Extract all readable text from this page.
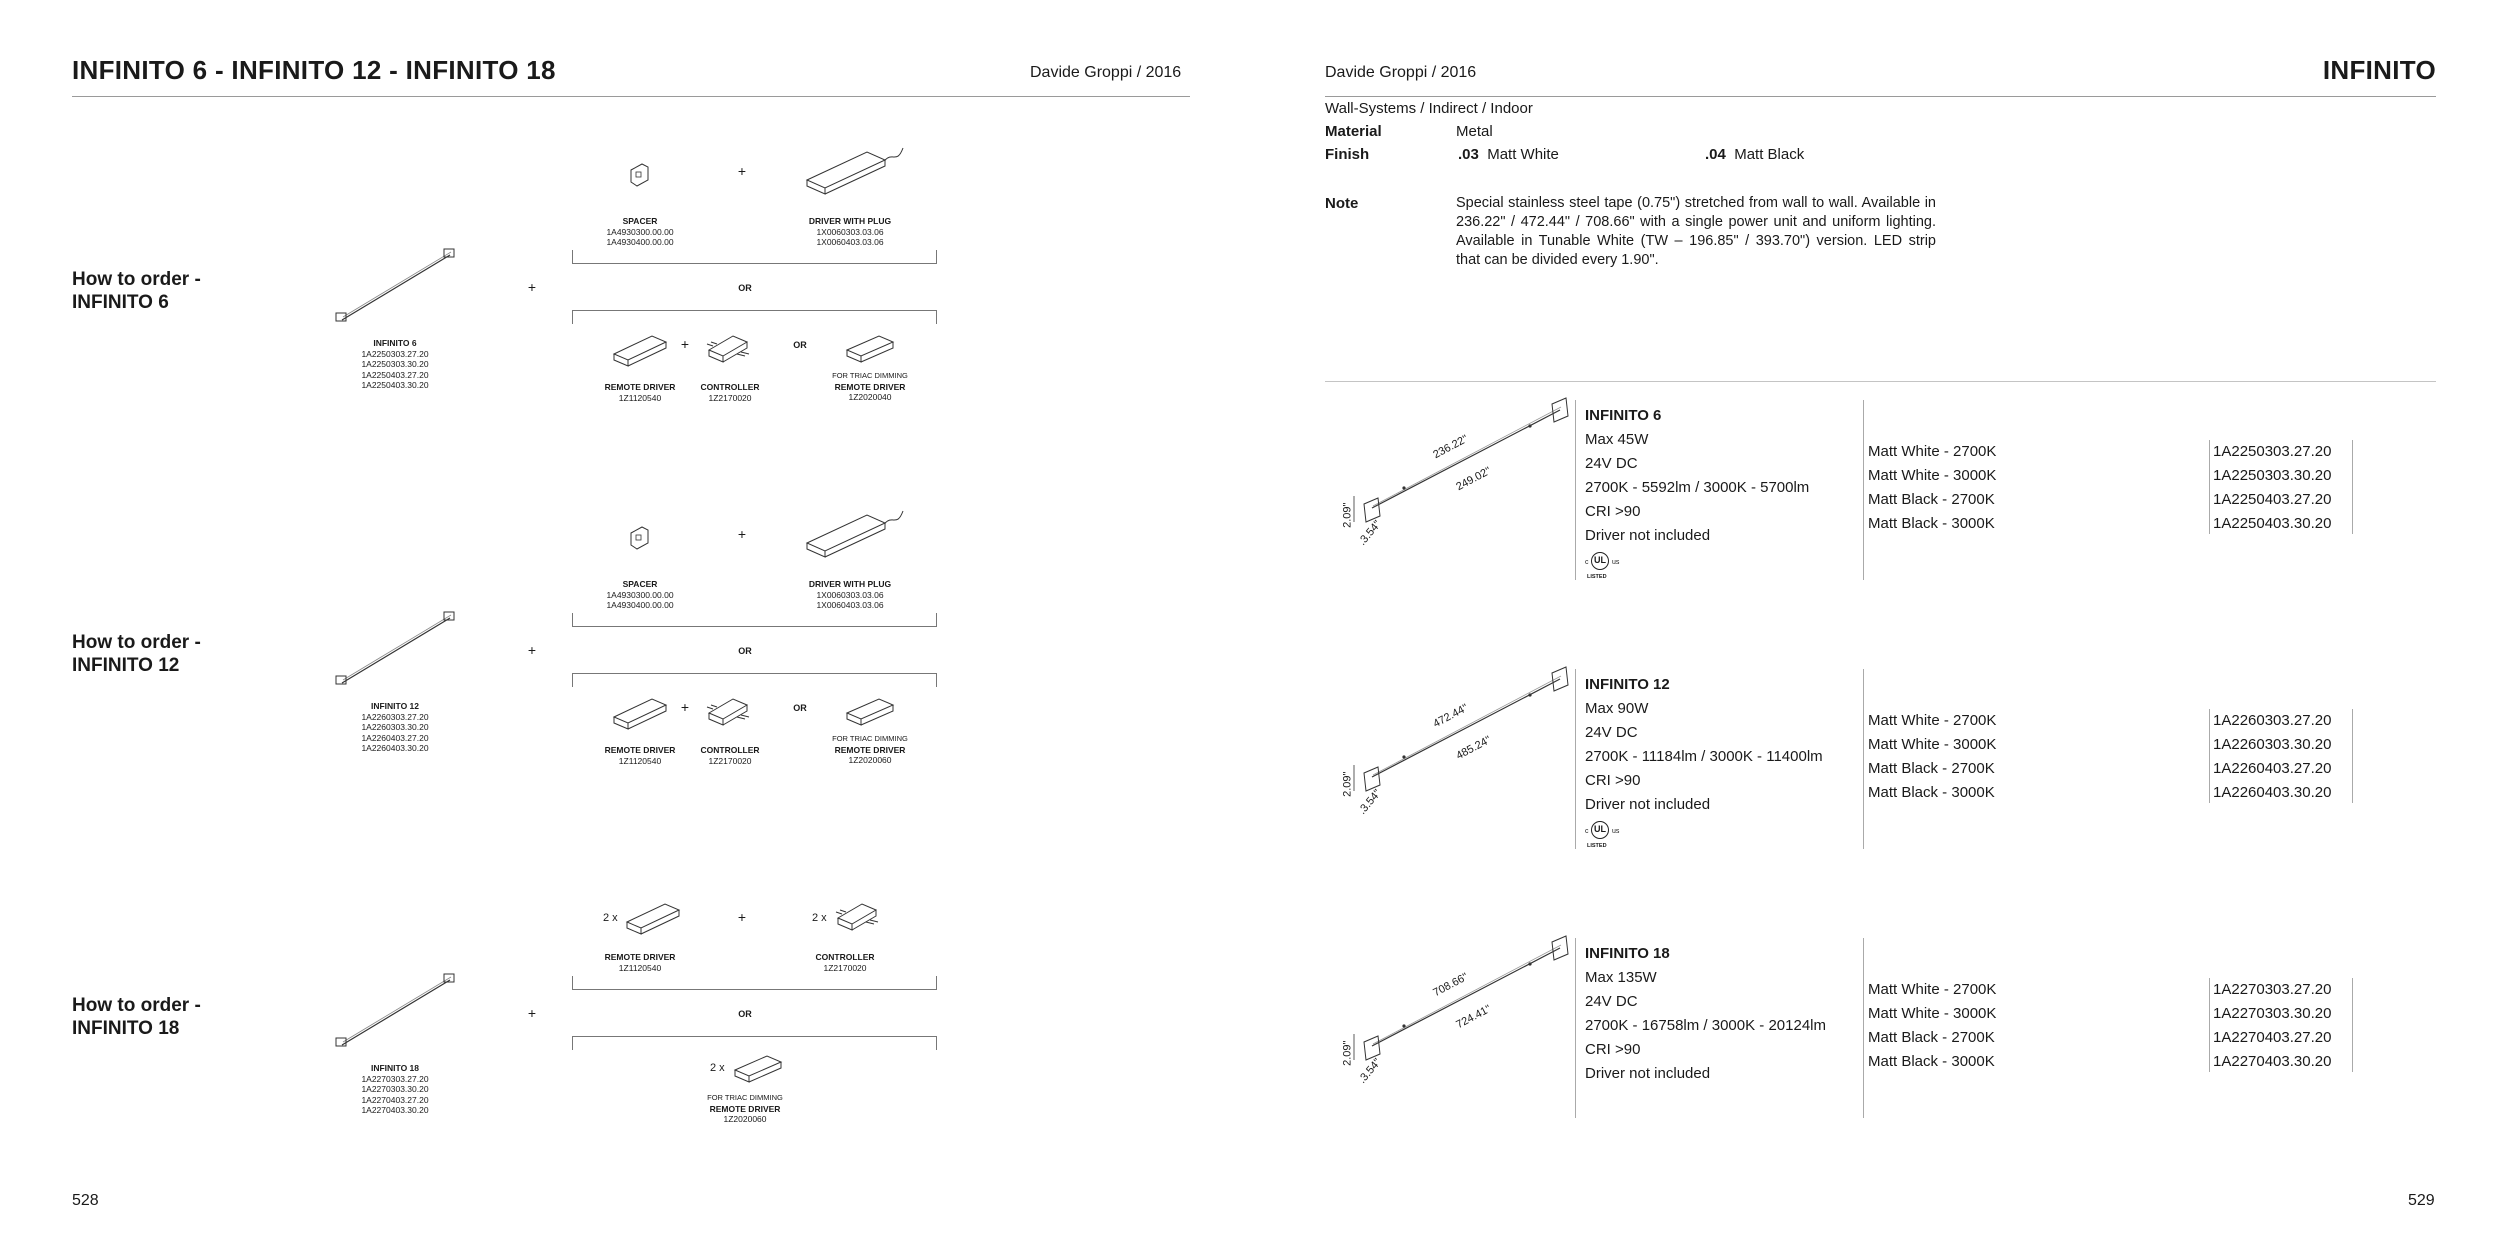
INFINITO 6 - INFINITO 12 - INFINITO 18	Davide Groppi / 2016
How to order -
INFINITO 6
INFINITO 6
1A2250303.27.20
1A2250303.30.20
1A2250403.27.20
1A2250403.30.20
+
SPACER
1A4930300.00.00
1A4930400.00.00
+
DRIVER WITH PLUG
1X0060303.03.06
1X0060403.03.06
OR
REMOTE DRIVER
1Z1120540
+
CONTROLLER
1Z2170020
OR
FOR TRIAC DIMMING
REMOTE DRIVER
1Z2020040
How to order -
INFINITO 12
INFINITO 12
1A2260303.27.20
1A2260303.30.20
1A2260403.27.20
1A2260403.30.20
+
SPACER
1A4930300.00.00
1A4930400.00.00
+
DRIVER WITH PLUG
1X0060303.03.06
1X0060403.03.06
OR
REMOTE DRIVER
1Z1120540
+
CONTROLLER
1Z2170020
OR
FOR TRIAC DIMMING
REMOTE DRIVER
1Z2020060
How to order -
INFINITO 18
INFINITO 18
1A2270303.27.20
1A2270303.30.20
1A2270403.27.20
1A2270403.30.20
+
2 x
REMOTE DRIVER
1Z1120540
+	2 x
CONTROLLER
1Z2170020
OR
2 x
FOR TRIAC DIMMING
REMOTE DRIVER
1Z2020060
528
Davide Groppi / 2016	INFINITO
Wall-Systems / Indirect / Indoor
Material	Metal
Finish	.03 Matt White	.04 Matt Black
Note	Special stainless steel tape (0.75") stretched from wall to wall. Available in 236.22" / 472.44" / 708.66" with a single power unit and uniform lighting. Available in Tunable White (TW – 196.85" / 393.70") version. LED strip that can be divided every 1.90".
236.22"
249.02"
2.09"
.3.54"
INFINITO 6
Max 45W
24V DC
2700K - 5592lm / 3000K - 5700lm
CRI >90
Driver not included
c UL us
LISTED
Matt White - 2700K	1A2250303.27.20
Matt White - 3000K	1A2250303.30.20
Matt Black - 2700K	1A2250403.27.20
Matt Black - 3000K	1A2250403.30.20
472.44"
485.24"
2.09"
.3.54"
INFINITO 12
Max 90W
24V DC
2700K - 11184lm / 3000K - 11400lm
CRI >90
Driver not included
c UL us
LISTED
Matt White - 2700K	1A2260303.27.20
Matt White - 3000K	1A2260303.30.20
Matt Black - 2700K	1A2260403.27.20
Matt Black - 3000K	1A2260403.30.20
708.66"
724.41"
2.09"
.3.54"
INFINITO 18
Max 135W
24V DC
2700K - 16758lm / 3000K - 20124lm
CRI >90
Driver not included
Matt White - 2700K	1A2270303.27.20
Matt White - 3000K	1A2270303.30.20
Matt Black - 2700K	1A2270403.27.20
Matt Black - 3000K	1A2270403.30.20
529
